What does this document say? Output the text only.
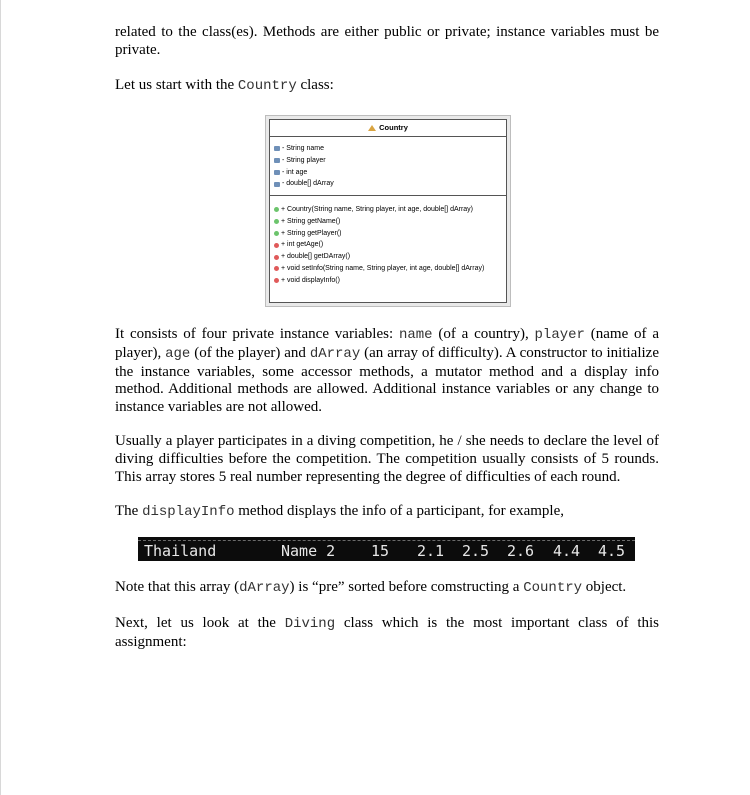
related to the class(es). Methods are either public or private; instance variables must be private.

Let us start with the Country class:

Country
- String name
- String player
- int age
- double[] dArray
+ Country(String name, String player, int age, double[] dArray)
+ String getName()
+ String getPlayer()
+ int getAge()
+ double[] getDArray()
+ void setInfo(String name, String player, int age, double[] dArray)
+ void displayInfo()

It consists of four private instance variables: name (of a country), player (name of a player), age (of the player) and dArray (an array of difficulty). A constructor to initialize the instance variables, some accessor methods, a mutator method and a display info method. Additional methods are allowed. Additional instance variables or any change to instance variables are not allowed.

Usually a player participates in a diving competition, he / she needs to declare the level of diving difficulties before the competition. The competition usually consists of 5 rounds. This array stores 5 real number representing the degree of difficulties of each round.

The displayInfo method displays the info of a participant, for example,

Thailand	Name 2 15 2.1 2.5 2.6 4.4 4.5

Note that this array (dArray) is “pre” sorted before comstructing a Country object.

Next, let us look at the Diving class which is the most important class of this assignment:
